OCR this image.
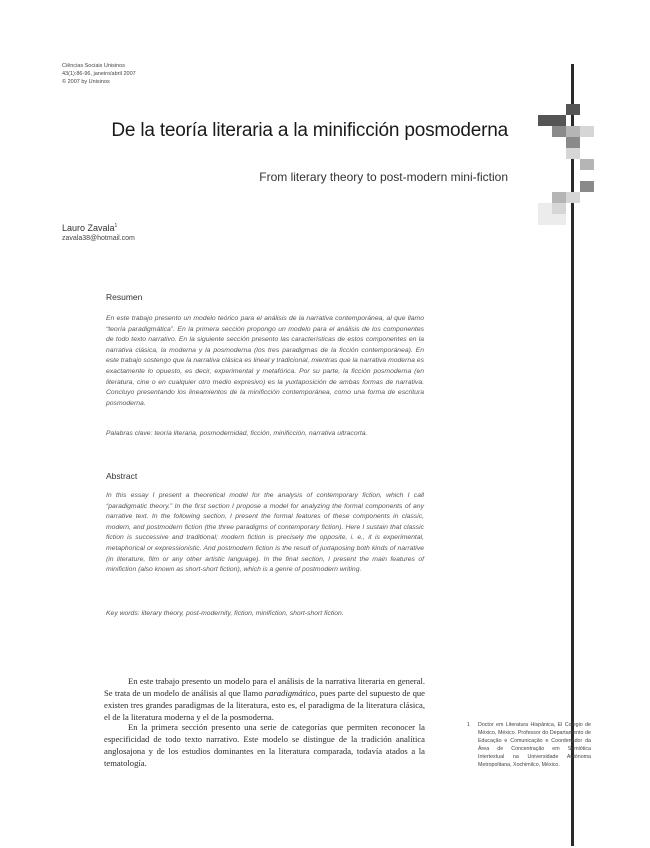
Ciências Sociais Unisinos
43(1):86-96, janeiro/abril 2007
© 2007 by Unisinos
De la teoría literaria a la minificción posmoderna
From literary theory to post-modern mini-fiction
Lauro Zavala$^1$
zavala38@hotmail.com
Resumen
En este trabajo presento un modelo teórico para el análisis de la narrativa contemporánea, al que llamo “teoría paradigmática”. En la primera sección propongo un modelo para el análisis de los componentes de todo texto narrativo. En la siguiente sección presento las características de estos componentes en la narrativa clásica, la moderna y la posmoderna (los tres paradigmas de la ficción contemporánea). En este trabajo sostengo que la narrativa clásica es lineal y tradicional, mientras que la narrativa moderna es exactamente lo opuesto, es decir, experimental y metafórica. Por su parte, la ficción posmoderna (en literatura, cine o en cualquier otro medio expresivo) es la yuxtaposición de ambas formas de narrativa. Concluyo presentando los lineamientos de la minificción contemporánea, como una forma de escritura posmoderna.
Palabras clave: teoría literaria, posmodernidad, ficción, minificción, narrativa ultracorta.
Abstract
In this essay I present a theoretical model for the analysis of contemporary fiction, which I call “paradigmatic theory.” In the first section I propose a model for analyzing the formal components of any narrative text. In the following section, I present the formal features of these components in classic, modern, and postmodern fiction (the three paradigms of contemporary fiction). Here I sustain that classic fiction is successive and traditional; modern fiction is precisely the opposite, i. e., it is experimental, metaphorical or expressionistic. And postmodern fiction is the result of juxtaposing both kinds of narrative (in literature, film or any other artistic language). In the final section, I present the main features of minifiction (also known as short-short fiction), which is a genre of postmodern writing.
Key words: literary theory, post-modernity, fiction, minifiction, short-short fiction.
En este trabajo presento un modelo para el análisis de la narrativa literaria en general. Se trata de un modelo de análisis al que llamo paradigmático, pues parte del supuesto de que existen tres grandes paradigmas de la literatura, esto es, el paradigma de la literatura clásica, el de la literatura moderna y el de la posmoderna.
En la primera sección presento una serie de categorías que permiten reconocer la especificidad de todo texto narrativo. Este modelo se distingue de la tradición analítica anglosajona y de los estudios dominantes en la literatura comparada, todavía atados a la tematología.
1 Doctor em Literatura Hispânica, El Colegio de México, México. Professor do Departamento de Educação e Comunicação e Coordenador da Área de Concentração em Semiótica Intertextual na Universidade Autónoma Metropolitana, Xochimilco, México.
